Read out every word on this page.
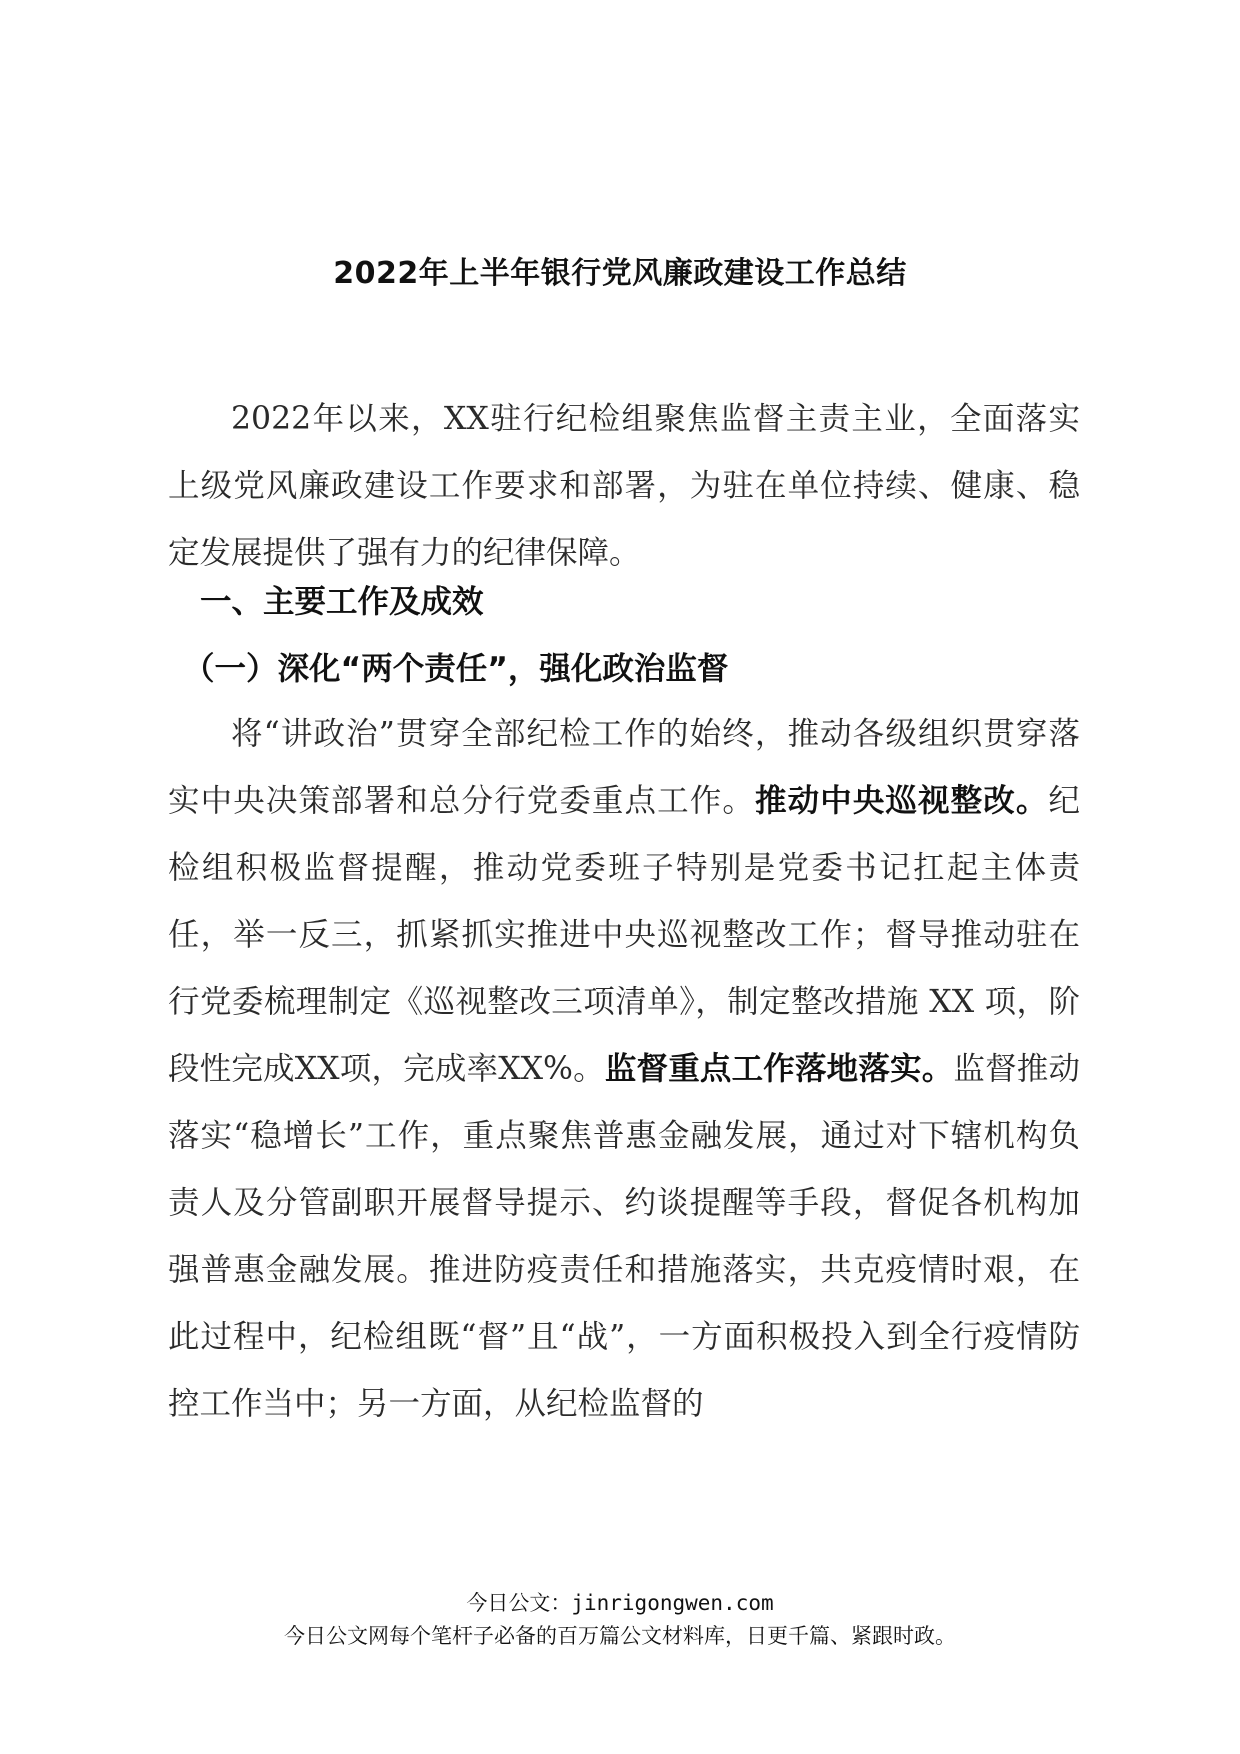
2022年上半年银行党风廉政建设工作总结
2022年以来，XX驻行纪检组聚焦监督主责主业，全面落实上级党风廉政建设工作要求和部署，为驻在单位持续、健康、稳定发展提供了强有力的纪律保障。
一、主要工作及成效
（一）深化“两个责任”，强化政治监督
将“讲政治”贯穿全部纪检工作的始终，推动各级组织贯穿落实中央决策部署和总分行党委重点工作。推动中央巡视整改。纪检组积极监督提醒，推动党委班子特别是党委书记扛起主体责任，举一反三，抓紧抓实推进中央巡视整改工作；督导推动驻在行党委梳理制定《巡视整改三项清单》，制定整改措施 XX 项，阶段性完成XX项，完成率XX%。监督重点工作落地落实。监督推动落实“稳增长”工作，重点聚焦普惠金融发展，通过对下辖机构负责人及分管副职开展督导提示、约谈提醒等手段，督促各机构加强普惠金融发展。推进防疫责任和措施落实，共克疫情时艰，在此过程中，纪检组既“督”且“战”，一方面积极投入到全行疫情防控工作当中；另一方面，从纪检监督的
今日公文：jinrigongwen.com
今日公文网每个笔杆子必备的百万篇公文材料库，日更千篇、紧跟时政。
